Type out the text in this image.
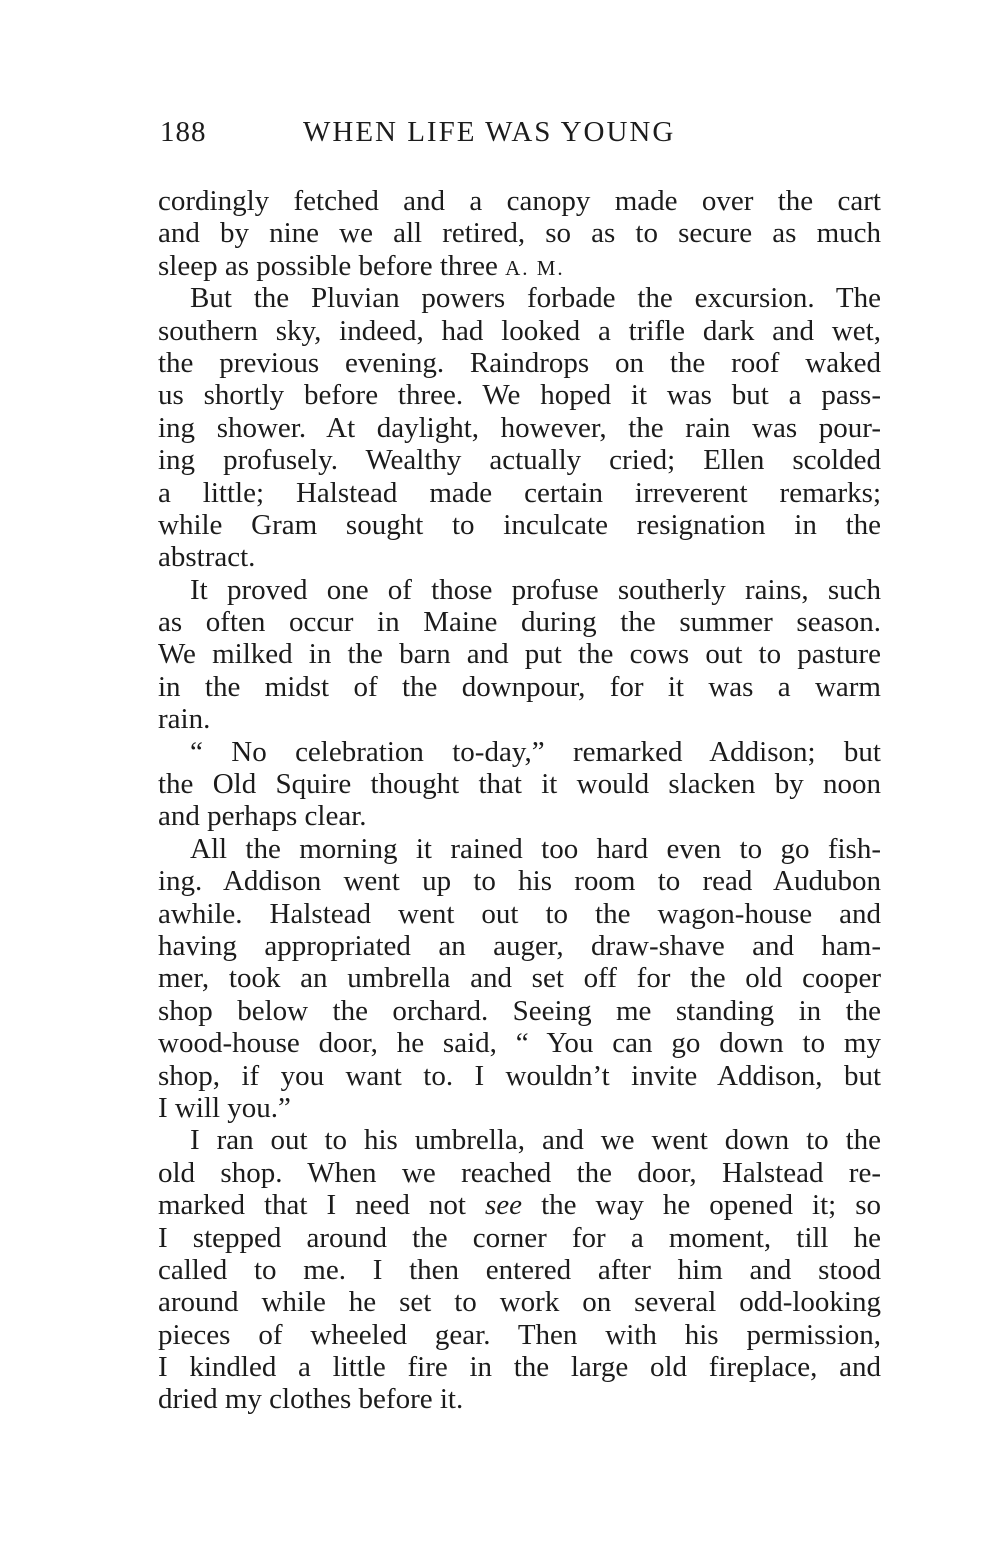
188	WHEN LIFE WAS YOUNG
cordingly fetched and a canopy made over the cart
and by nine we all retired, so as to secure as much
sleep as possible before three A. M.
But the Pluvian powers forbade the excursion. The
southern sky, indeed, had looked a trifle dark and wet,
the previous evening. Raindrops on the roof waked
us shortly before three. We hoped it was but a pass-
ing shower. At daylight, however, the rain was pour-
ing profusely. Wealthy actually cried; Ellen scolded
a little; Halstead made certain irreverent remarks;
while Gram sought to inculcate resignation in the
abstract.
It proved one of those profuse southerly rains, such
as often occur in Maine during the summer season.
We milked in the barn and put the cows out to pasture
in the midst of the downpour, for it was a warm
rain.
“ No celebration to-day,” remarked Addison; but
the Old Squire thought that it would slacken by noon
and perhaps clear.
All the morning it rained too hard even to go fish-
ing. Addison went up to his room to read Audubon
awhile. Halstead went out to the wagon-house and
having appropriated an auger, draw-shave and ham-
mer, took an umbrella and set off for the old cooper
shop below the orchard. Seeing me standing in the
wood-house door, he said, “ You can go down to my
shop, if you want to. I wouldn’t invite Addison, but
I will you.”
I ran out to his umbrella, and we went down to the
old shop. When we reached the door, Halstead re-
marked that I need not see the way he opened it; so
I stepped around the corner for a moment, till he
called to me. I then entered after him and stood
around while he set to work on several odd-looking
pieces of wheeled gear. Then with his permission,
I kindled a little fire in the large old fireplace, and
dried my clothes before it.
